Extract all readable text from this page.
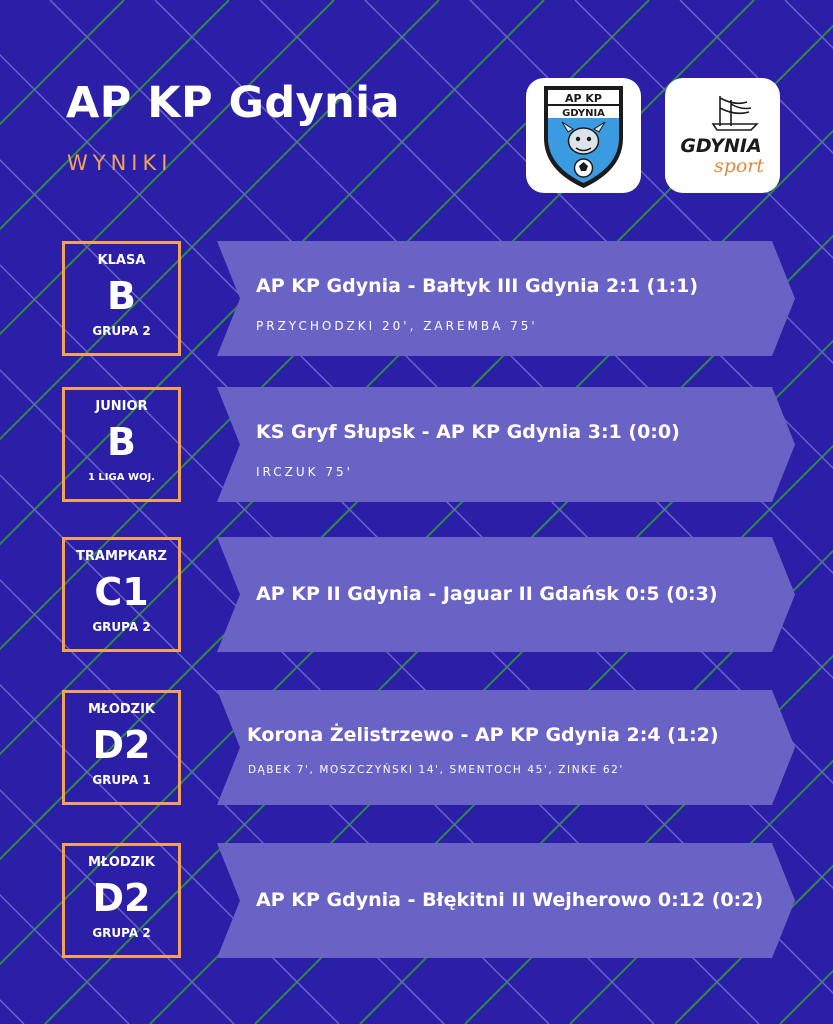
AP KP Gdynia

WYNIKI

AP KP
GDYNIA
GDYNIA
sport
KLASA
B
GRUPA 2

AP KP Gdynia - Bałtyk III Gdynia 2:1 (1:1)

PRZYCHODZKI 20', ZAREMBA 75'

JUNIOR
B
1 LIGA WOJ.

KS Gryf Słupsk - AP KP Gdynia 3:1 (0:0)

IRCZUK 75'

TRAMPKARZ
C1
GRUPA 2

AP KP II Gdynia - Jaguar II Gdańsk 0:5 (0:3)

MŁODZIK
D2
GRUPA 1

Korona Żelistrzewo - AP KP Gdynia 2:4 (1:2)

DĄBEK 7', MOSZCZYŃSKI 14', SMENTOCH 45', ZINKE 62'

MŁODZIK
D2
GRUPA 2

AP KP Gdynia - Błękitni II Wejherowo 0:12 (0:2)
